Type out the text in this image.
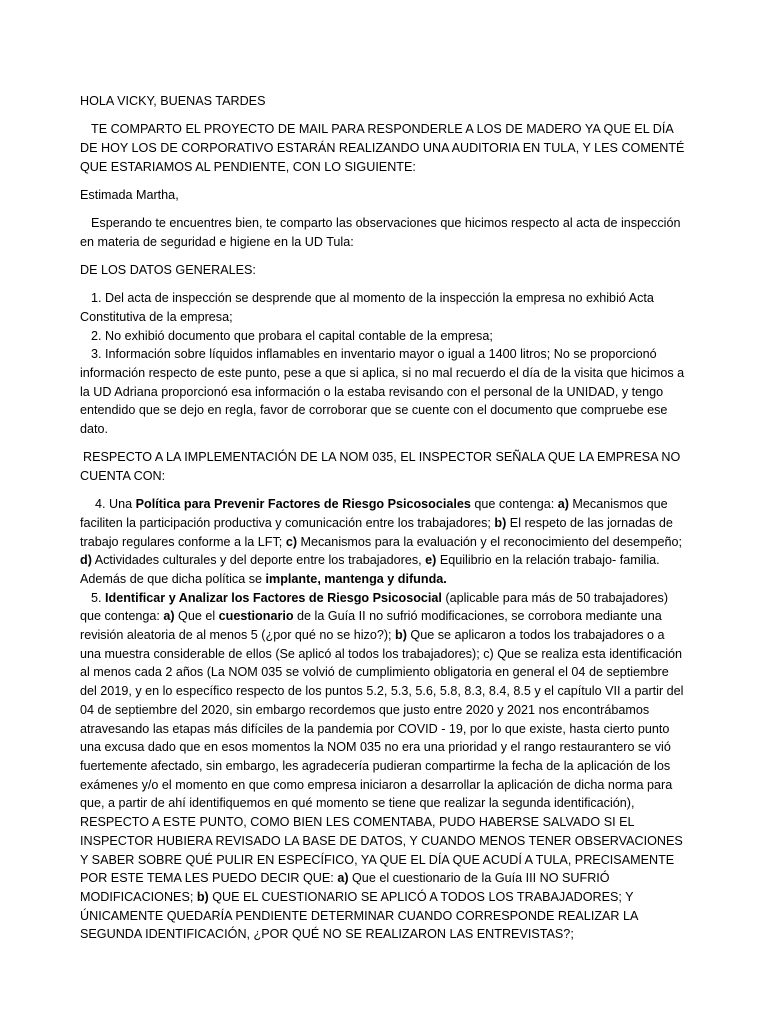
HOLA VICKY, BUENAS TARDES

TE COMPARTO EL PROYECTO DE MAIL PARA RESPONDERLE A LOS DE MADERO YA QUE EL DÍA DE HOY LOS DE CORPORATIVO ESTARÁN REALIZANDO UNA AUDITORIA EN TULA, Y LES COMENTÉ QUE ESTARIAMOS AL PENDIENTE, CON LO SIGUIENTE:

Estimada Martha,

Esperando te encuentres bien, te comparto las observaciones que hicimos respecto al acta de inspección en materia de seguridad e higiene en la UD Tula:

DE LOS DATOS GENERALES:

1. Del acta de inspección se desprende que al momento de la inspección la empresa no exhibió Acta Constitutiva de la empresa;

2. No exhibió documento que probara el capital contable de la empresa;

3. Información sobre líquidos inflamables en inventario mayor o igual a 1400 litros; No se proporcionó información respecto de este punto, pese a que si aplica, si no mal recuerdo el día de la visita que hicimos a la UD Adriana proporcionó esa información o la estaba revisando con el personal de la UNIDAD, y tengo entendido que se dejo en regla, favor de corroborar que se cuente con el documento que compruebe ese dato.

RESPECTO A LA IMPLEMENTACIÓN DE LA NOM 035, EL INSPECTOR SEÑALA QUE LA EMPRESA NO CUENTA CON:

4. Una Política para Prevenir Factores de Riesgo Psicosociales que contenga: a) Mecanismos que faciliten la participación productiva y comunicación entre los trabajadores; b) El respeto de las jornadas de trabajo regulares conforme a la LFT; c) Mecanismos para la evaluación y el reconocimiento del desempeño; d) Actividades culturales y del deporte entre los trabajadores, e) Equilibrio en la relación trabajo- familia. Además de que dicha política se implante, mantenga y difunda.

5. Identificar y Analizar los Factores de Riesgo Psicosocial (aplicable para más de 50 trabajadores) que contenga: a) Que el cuestionario de la Guía II no sufrió modificaciones, se corrobora mediante una revisión aleatoria de al menos 5 (¿por qué no se hizo?); b) Que se aplicaron a todos los trabajadores o a una muestra considerable de ellos (Se aplicó al todos los trabajadores); c) Que se realiza esta identificación al menos cada 2 años (La NOM 035 se volvió de cumplimiento obligatoria en general el 04 de septiembre del 2019, y en lo específico respecto de los puntos 5.2, 5.3, 5.6, 5.8, 8.3, 8.4, 8.5 y el capítulo VII a partir del 04 de septiembre del 2020, sin embargo recordemos que justo entre 2020 y 2021 nos encontrábamos atravesando las etapas más difíciles de la pandemia por COVID - 19, por lo que existe, hasta cierto punto una excusa dado que en esos momentos la NOM 035 no era una prioridad y el rango restaurantero se vió fuertemente afectado, sin embargo, les agradecería pudieran compartirme la fecha de la aplicación de los exámenes y/o el momento en que como empresa iniciaron a desarrollar la aplicación de dicha norma para que, a partir de ahí identifiquemos en qué momento se tiene que realizar la segunda identificación), RESPECTO A ESTE PUNTO, COMO BIEN LES COMENTABA, PUDO HABERSE SALVADO SI EL INSPECTOR HUBIERA REVISADO LA BASE DE DATOS, Y CUANDO MENOS TENER OBSERVACIONES Y SABER SOBRE QUÉ PULIR EN ESPECÍFICO, YA QUE EL DÍA QUE ACUDÍ A TULA, PRECISAMENTE POR ESTE TEMA LES PUEDO DECIR QUE: a) Que el cuestionario de la Guía III NO SUFRIÓ MODIFICACIONES; b) QUE EL CUESTIONARIO SE APLICÓ A TODOS LOS TRABAJADORES; Y ÚNICAMENTE QUEDARÍA PENDIENTE DETERMINAR CUANDO CORRESPONDE REALIZAR LA SEGUNDA IDENTIFICACIÓN, ¿POR QUÉ NO SE REALIZARON LAS ENTREVISTAS?;
